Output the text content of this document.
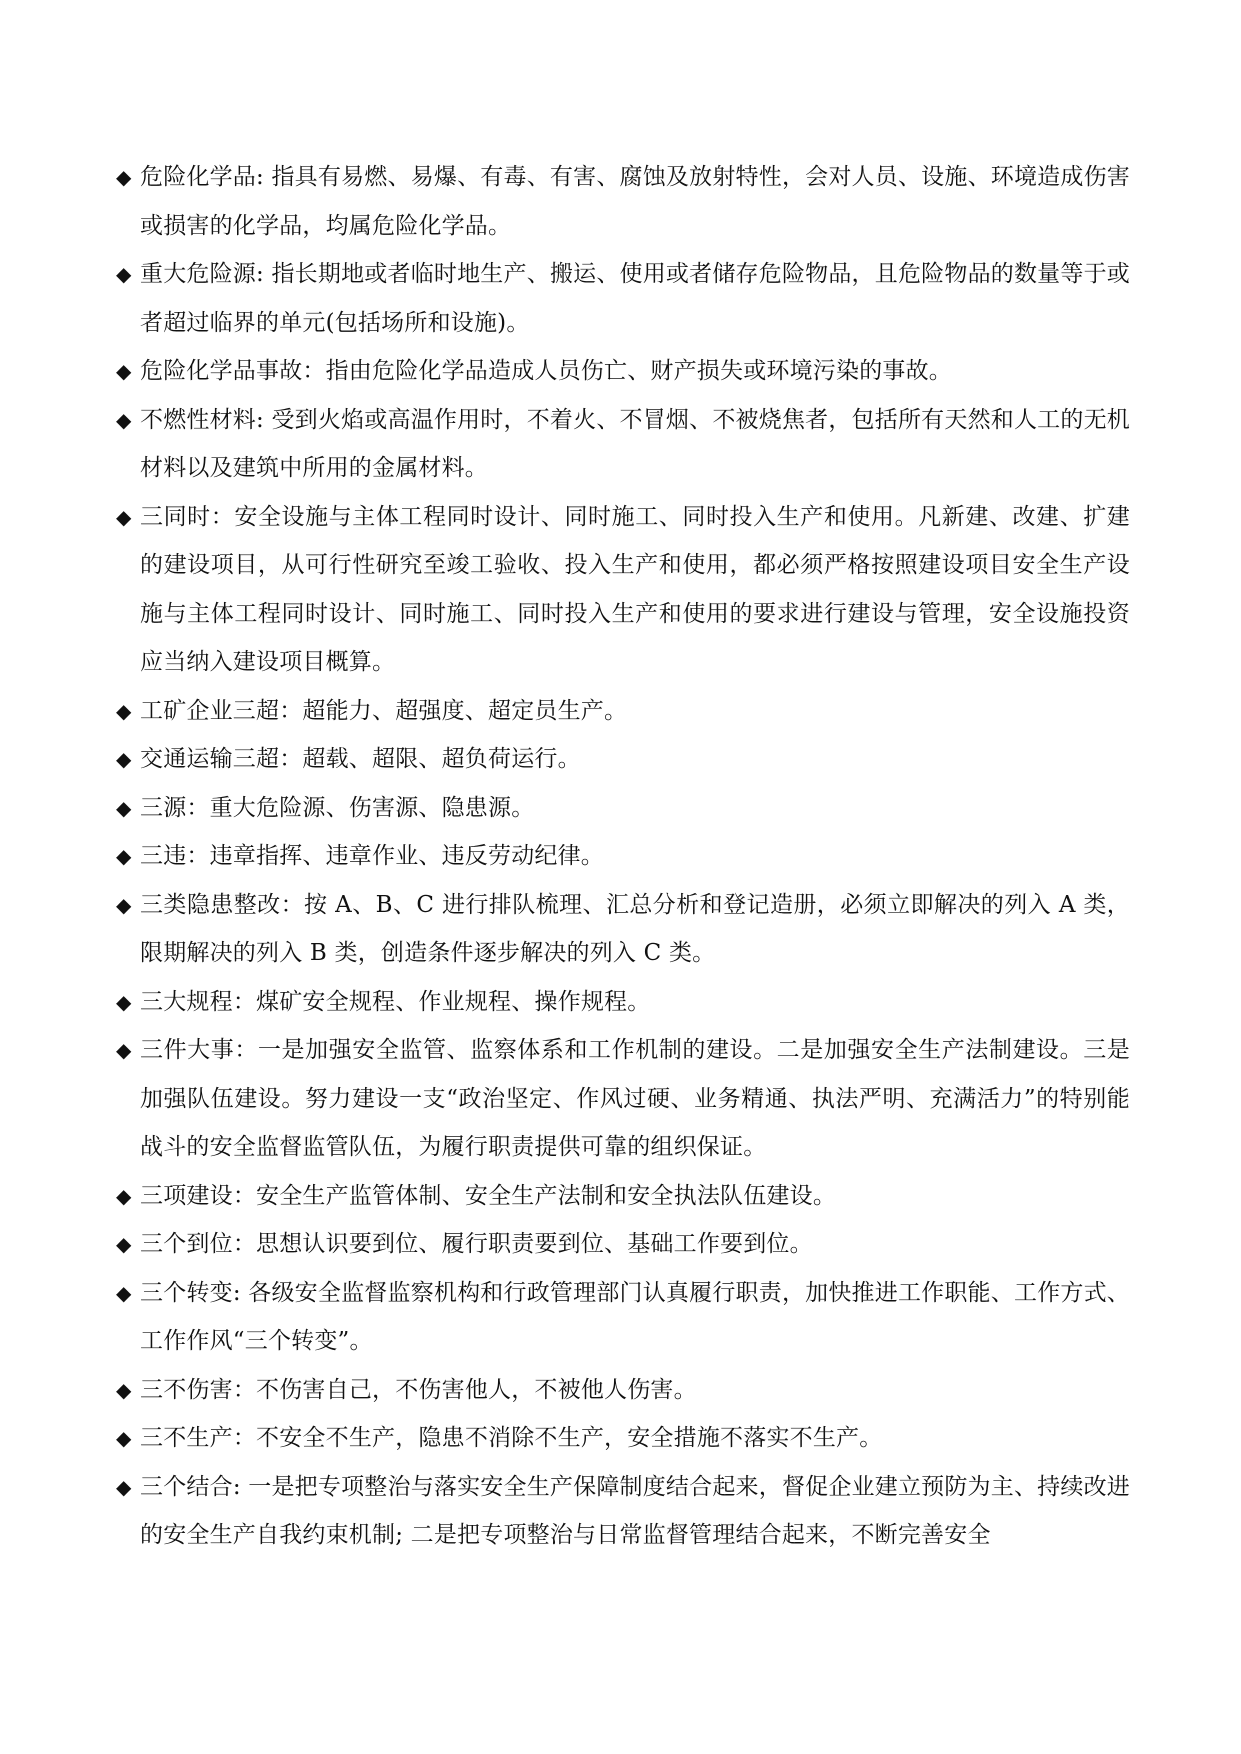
◆ 危险化学品: 指具有易燃、易爆、有毒、有害、腐蚀及放射特性，会对人员、设施、环境造成伤害或损害的化学品，均属危险化学品。
◆ 重大危险源: 指长期地或者临时地生产、搬运、使用或者储存危险物品，且危险物品的数量等于或者超过临界的单元(包括场所和设施)。
◆ 危险化学品事故：指由危险化学品造成人员伤亡、财产损失或环境污染的事故。
◆ 不燃性材料: 受到火焰或高温作用时，不着火、不冒烟、不被烧焦者，包括所有天然和人工的无机材料以及建筑中所用的金属材料。
◆ 三同时：安全设施与主体工程同时设计、同时施工、同时投入生产和使用。凡新建、改建、扩建的建设项目，从可行性研究至竣工验收、投入生产和使用，都必须严格按照建设项目安全生产设施与主体工程同时设计、同时施工、同时投入生产和使用的要求进行建设与管理，安全设施投资应当纳入建设项目概算。
◆ 工矿企业三超：超能力、超强度、超定员生产。
◆ 交通运输三超：超载、超限、超负荷运行。
◆ 三源：重大危险源、伤害源、隐患源。
◆ 三违：违章指挥、违章作业、违反劳动纪律。
◆ 三类隐患整改：按 A、B、C 进行排队梳理、汇总分析和登记造册，必须立即解决的列入 A 类，限期解决的列入 B 类，创造条件逐步解决的列入 C 类。
◆ 三大规程：煤矿安全规程、作业规程、操作规程。
◆ 三件大事：一是加强安全监管、监察体系和工作机制的建设。二是加强安全生产法制建设。三是加强队伍建设。努力建设一支“政治坚定、作风过硬、业务精通、执法严明、充满活力”的特别能战斗的安全监督监管队伍，为履行职责提供可靠的组织保证。
◆ 三项建设：安全生产监管体制、安全生产法制和安全执法队伍建设。
◆ 三个到位：思想认识要到位、履行职责要到位、基础工作要到位。
◆ 三个转变: 各级安全监督监察机构和行政管理部门认真履行职责，加快推进工作职能、工作方式、工作作风“三个转变”。
◆ 三不伤害：不伤害自己，不伤害他人，不被他人伤害。
◆ 三不生产：不安全不生产，隐患不消除不生产，安全措施不落实不生产。
◆ 三个结合: 一是把专项整治与落实安全生产保障制度结合起来，督促企业建立预防为主、持续改进的安全生产自我约束机制; 二是把专项整治与日常监督管理结合起来，不断完善安全
